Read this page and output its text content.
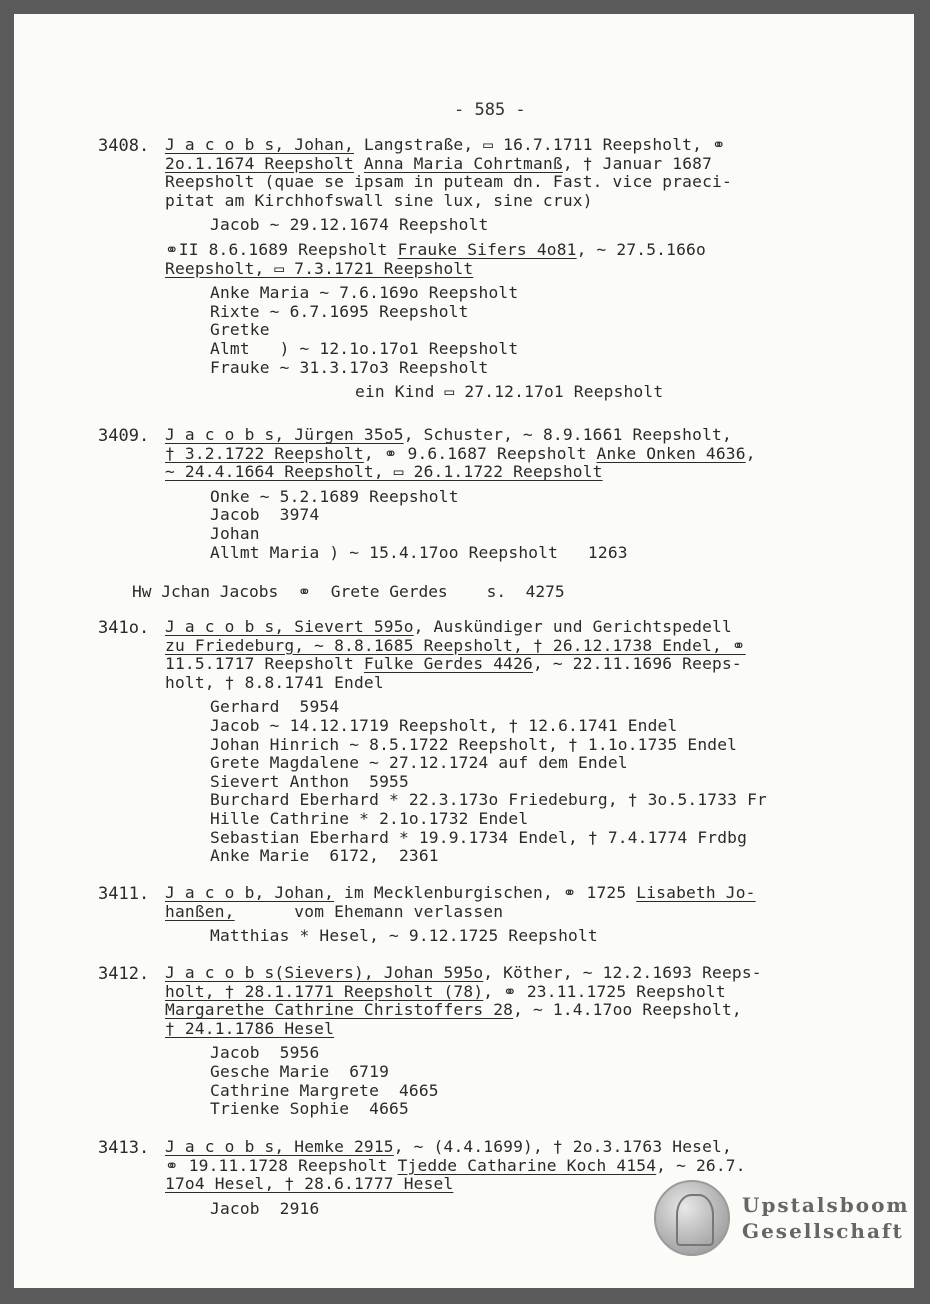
- 585 -
3408. J a c o b s, Johan, Langstraße, ▭ 16.7.1711 Reepsholt, ⚭
2o.1.1674 Reepsholt Anna Maria Cohrtmanß, † Januar 1687
Reepsholt (quae se ipsam in puteam dn. Fast. vice praeci-
pitat am Kirchhofswall sine lux, sine crux)
Jacob ~ 29.12.1674 Reepsholt
⚭II 8.6.1689 Reepsholt Frauke Sifers 4o81, ~ 27.5.166o
Reepsholt, ▭ 7.3.1721 Reepsholt
Anke Maria ~ 7.6.169o Reepsholt
Rixte ~ 6.7.1695 Reepsholt
Gretke
Almt   ) ~ 12.1o.17o1 Reepsholt
Frauke ~ 31.3.17o3 Reepsholt
ein Kind ▭ 27.12.17o1 Reepsholt
3409. J a c o b s, Jürgen 35o5, Schuster, ~ 8.9.1661 Reepsholt,
† 3.2.1722 Reepsholt, ⚭ 9.6.1687 Reepsholt Anke Onken 4636,
~ 24.4.1664 Reepsholt, ▭ 26.1.1722 Reepsholt
Onke ~ 5.2.1689 Reepsholt
Jacob  3974
Johan
Allmt Maria ) ~ 15.4.17oo Reepsholt   1263
Hw Jchan Jacobs  ⚭  Grete Gerdes    s.  4275
341o. J a c o b s, Sievert 595o, Auskündiger und Gerichtspedell
zu Friedeburg, ~ 8.8.1685 Reepsholt, † 26.12.1738 Endel, ⚭
11.5.1717 Reepsholt Fulke Gerdes 4426, ~ 22.11.1696 Reeps-
holt, † 8.8.1741 Endel
Gerhard  5954
Jacob ~ 14.12.1719 Reepsholt, † 12.6.1741 Endel
Johan Hinrich ~ 8.5.1722 Reepsholt, † 1.1o.1735 Endel
Grete Magdalene ~ 27.12.1724 auf dem Endel
Sievert Anthon  5955
Burchard Eberhard * 22.3.173o Friedeburg, † 3o.5.1733 Fr
Hille Cathrine * 2.1o.1732 Endel
Sebastian Eberhard * 19.9.1734 Endel, † 7.4.1774 Frdbg
Anke Marie  6172,  2361
3411. J a c o b, Johan, im Mecklenburgischen, ⚭ 1725 Lisabeth Jo-
hanßen,      vom Ehemann verlassen
Matthias * Hesel, ~ 9.12.1725 Reepsholt
3412. J a c o b s(Sievers), Johan 595o, Köther, ~ 12.2.1693 Reeps-
holt, † 28.1.1771 Reepsholt (78), ⚭ 23.11.1725 Reepsholt
Margarethe Cathrine Christoffers 28, ~ 1.4.17oo Reepsholt,
† 24.1.1786 Hesel
Jacob  5956
Gesche Marie  6719
Cathrine Margrete  4665
Trienke Sophie  4665
3413. J a c o b s, Hemke 2915, ~ (4.4.1699), † 2o.3.1763 Hesel,
⚭ 19.11.1728 Reepsholt Tjedde Catharine Koch 4154, ~ 26.7.
17o4 Hesel, † 28.6.1777 Hesel
Jacob  2916	Upstalsboom
Gesellschaft
